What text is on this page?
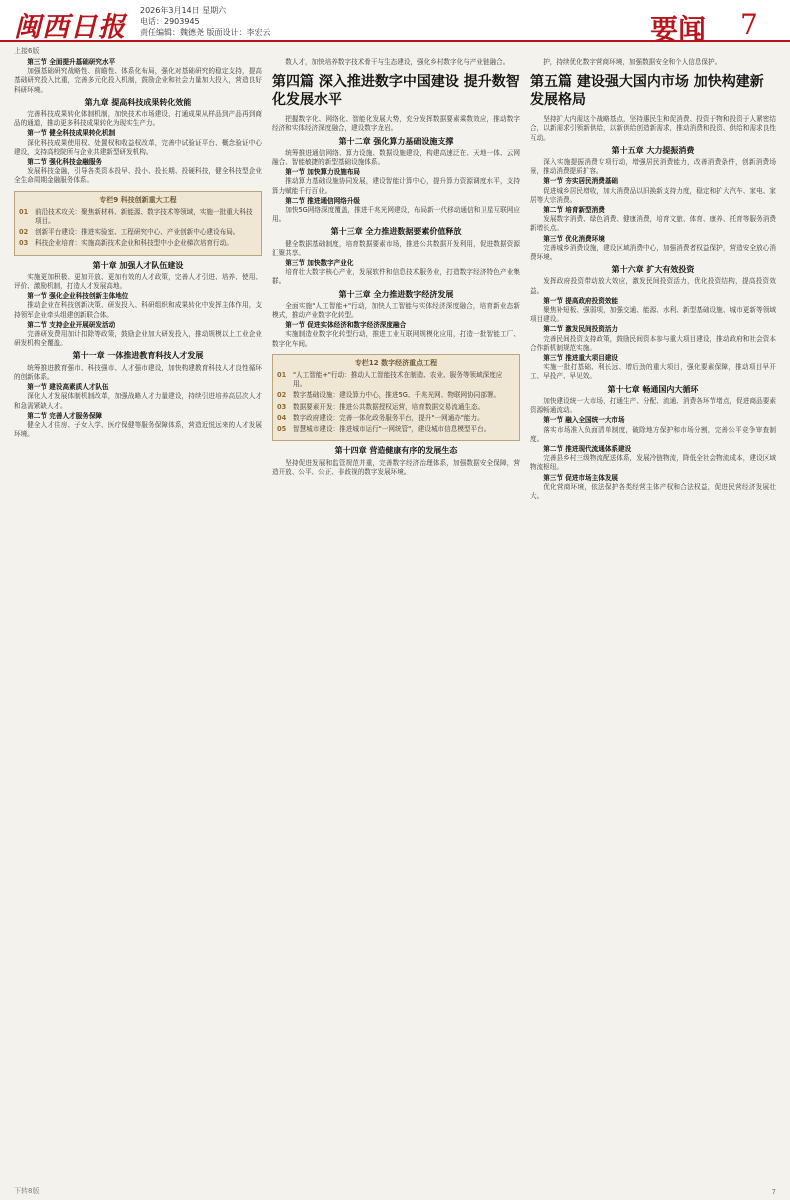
闽西日报
2026年3月14日 星期六
电话：2903945
责任编辑：魏德尧 版面设计：李宏云	要闻 7
上接6版
第三节 全面提升基础研究水平

加强基础研究战略性、前瞻性、体系化布局，强化对基础研究的稳定支持，提高基础研究投入比重，完善多元化投入机制，鼓励企业和社会力量加大投入，营造良好科研环境。

第九章 提高科技成果转化效能

完善科技成果转化体制机制，加快技术市场建设，打通成果从样品到产品再到商品的通道，推动更多科技成果转化为现实生产力。

第一节 健全科技成果转化机制

深化科技成果使用权、处置权和收益权改革，完善中试验证平台、概念验证中心建设，支持高校院所与企业共建新型研发机构。

第二节 强化科技金融服务

发展科技金融，引导各类资本投早、投小、投长期、投硬科技，健全科技型企业全生命周期金融服务体系。

专栏9 科技创新重大工程
01	前沿技术攻关：聚焦新材料、新能源、数字技术等领域，实施一批重大科技项目。
02	创新平台建设：推进实验室、工程研究中心、产业创新中心建设布局。
03	科技企业培育：实施高新技术企业和科技型中小企业梯次培育行动。
第十章 加强人才队伍建设

实施更加积极、更加开放、更加有效的人才政策，完善人才引进、培养、使用、评价、激励机制，打造人才发展高地。

第一节 强化企业科技创新主体地位

推动企业在科技创新决策、研发投入、科研组织和成果转化中发挥主体作用，支持领军企业牵头组建创新联合体。

第二节 支持企业开展研发活动

完善研发费用加计扣除等政策，鼓励企业加大研发投入，推动规模以上工业企业研发机构全覆盖。

第十一章 一体推进教育科技人才发展

统筹推进教育强市、科技强市、人才强市建设，加快构建教育科技人才良性循环的创新体系。

第一节 建设高素质人才队伍

深化人才发展体制机制改革，加强战略人才力量建设，持续引进培养高层次人才和急需紧缺人才。

第二节 完善人才服务保障

健全人才住房、子女入学、医疗保健等服务保障体系，营造近悦远来的人才发展环境。

数人才，加快培养数字技术骨干与生态建设，强化乡村数字化与产业链融合。

第四篇 深入推进数字中国建设 提升数智化发展水平

把握数字化、网络化、智能化发展大势，充分发挥数据要素乘数效应，推动数字经济和实体经济深度融合，建设数字龙岩。

第十二章 强化算力基础设施支撑

统筹推进通信网络、算力设施、数据设施建设，构建高速泛在、天地一体、云网融合、智能敏捷的新型基础设施体系。

第一节 加快算力设施布局

推动算力基础设施协同发展，建设智能计算中心，提升算力资源调度水平，支持算力赋能千行百业。

第二节 推进通信网络升级

加快5G网络深度覆盖，推进千兆光网建设，布局新一代移动通信和卫星互联网应用。

第十三章 全力推进数据要素价值释放

健全数据基础制度，培育数据要素市场，推进公共数据开发利用，促进数据资源汇聚共享。

第三节 加快数字产业化

培育壮大数字核心产业，发展软件和信息技术服务业，打造数字经济特色产业集群。

第十三章 全力推进数字经济发展

全面实施"人工智能+"行动，加快人工智能与实体经济深度融合，培育新业态新模式，推动产业数字化转型。

第一节 促进实体经济和数字经济深度融合

实施制造业数字化转型行动，推进工业互联网规模化应用，打造一批智能工厂、数字化车间。

专栏12 数字经济重点工程
01	"人工智能+"行动：推动人工智能技术在制造、农业、服务等领域深度应用。
02	数字基础设施：建设算力中心，推进5G、千兆光网、物联网协同部署。
03	数据要素开发：推进公共数据授权运营，培育数据交易流通生态。
04	数字政府建设：完善一体化政务服务平台，提升"一网通办"能力。
05	智慧城市建设：推进城市运行"一网统管"，建设城市信息模型平台。
第十四章 营造健康有序的发展生态

坚持促进发展和监管规范并重，完善数字经济治理体系，加强数据安全保障，营造开放、公平、公正、非歧视的数字发展环境。

护，持续优化数字营商环境，加强数据安全和个人信息保护。

第五篇 建设强大国内市场 加快构建新发展格局

坚持扩大内需这个战略基点，坚持惠民生和促消费、投资于物和投资于人紧密结合，以新需求引领新供给，以新供给创造新需求，推动消费和投资、供给和需求良性互动。

第十五章 大力提振消费

深入实施提振消费专项行动，增强居民消费能力，改善消费条件，创新消费场景，推动消费提质扩容。

第一节 夯实居民消费基础

促进城乡居民增收，加大消费品以旧换新支持力度，稳定和扩大汽车、家电、家居等大宗消费。

第二节 培育新型消费

发展数字消费、绿色消费、健康消费，培育文旅、体育、康养、托育等服务消费新增长点。

第三节 优化消费环境

完善城乡消费设施，建设区域消费中心，加强消费者权益保护，营造安全放心消费环境。

第十六章 扩大有效投资

发挥政府投资带动放大效应，激发民间投资活力，优化投资结构，提高投资效益。

第一节 提高政府投资效能

聚焦补短板、强弱项，加强交通、能源、水利、新型基础设施、城市更新等领域项目建设。

第二节 激发民间投资活力

完善民间投资支持政策，鼓励民间资本参与重大项目建设，推动政府和社会资本合作新机制规范实施。

第三节 推进重大项目建设

实施一批打基础、利长远、增后劲的重大项目，强化要素保障，推动项目早开工、早投产、早见效。

第十七章 畅通国内大循环

加快建设统一大市场，打通生产、分配、流通、消费各环节堵点，促进商品要素资源畅通流动。

第一节 融入全国统一大市场

落实市场准入负面清单制度，破除地方保护和市场分割，完善公平竞争审查制度。

第二节 推进现代流通体系建设

完善县乡村三级物流配送体系，发展冷链物流，降低全社会物流成本，建设区域物流枢纽。

第三节 促进市场主体发展

优化营商环境，依法保护各类经营主体产权和合法权益，促进民营经济发展壮大。

下转8版	7
